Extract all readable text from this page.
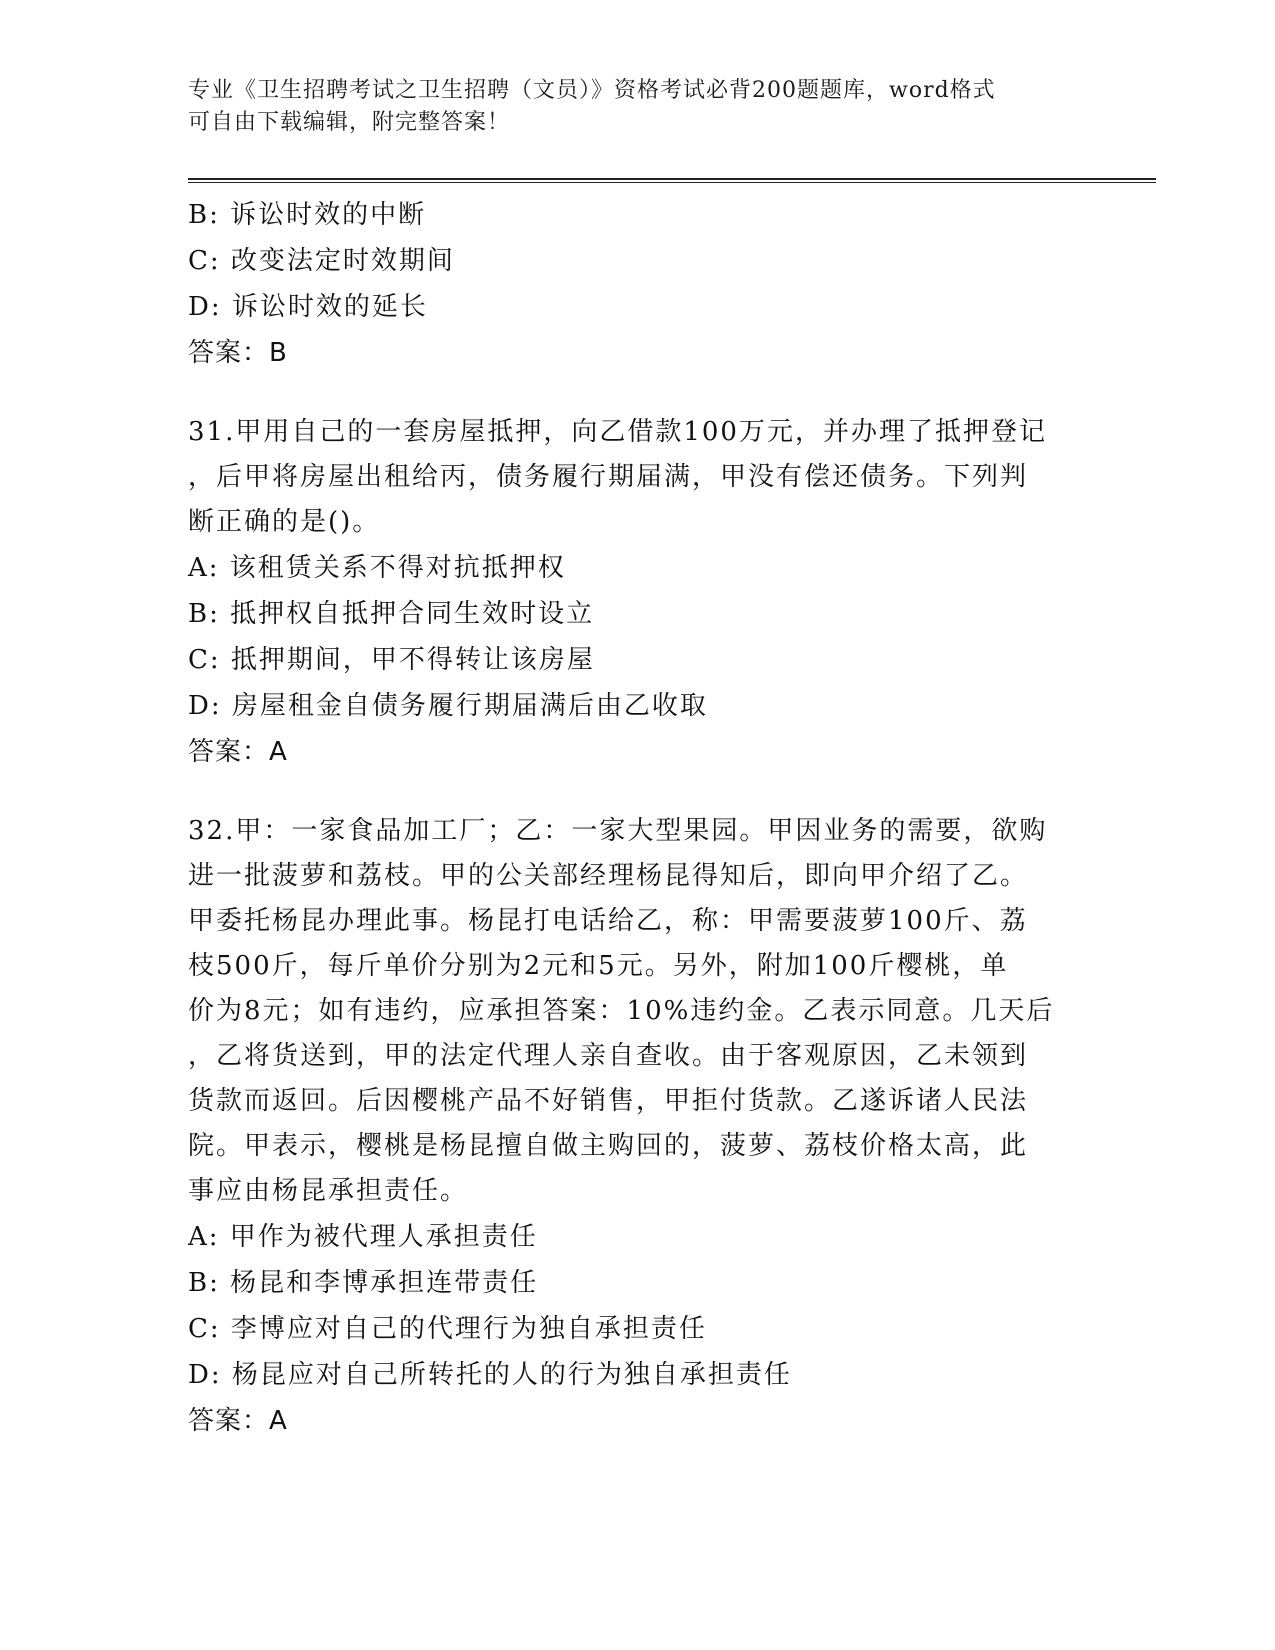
专业《卫生招聘考试之卫生招聘（文员）》资格考试必背200题题库，word格式
可自由下载编辑，附完整答案！
B: 诉讼时效的中断
C: 改变法定时效期间
D: 诉讼时效的延长
答案：B
31.甲用自己的一套房屋抵押，向乙借款100万元，并办理了抵押登记
，后甲将房屋出租给丙，债务履行期届满，甲没有偿还债务。下列判
断正确的是()。
A: 该租赁关系不得对抗抵押权
B: 抵押权自抵押合同生效时设立
C: 抵押期间，甲不得转让该房屋
D: 房屋租金自债务履行期届满后由乙收取
答案：A
32.甲：一家食品加工厂；乙：一家大型果园。甲因业务的需要，欲购
进一批菠萝和荔枝。甲的公关部经理杨昆得知后，即向甲介绍了乙。
甲委托杨昆办理此事。杨昆打电话给乙，称：甲需要菠萝100斤、荔
枝500斤，每斤单价分别为2元和5元。另外，附加100斤樱桃，单
价为8元；如有违约，应承担答案：10%违约金。乙表示同意。几天后
，乙将货送到，甲的法定代理人亲自查收。由于客观原因，乙未领到
货款而返回。后因樱桃产品不好销售，甲拒付货款。乙遂诉诸人民法
院。甲表示，樱桃是杨昆擅自做主购回的，菠萝、荔枝价格太高，此
事应由杨昆承担责任。
A: 甲作为被代理人承担责任
B: 杨昆和李博承担连带责任
C: 李博应对自己的代理行为独自承担责任
D: 杨昆应对自己所转托的人的行为独自承担责任
答案：A
